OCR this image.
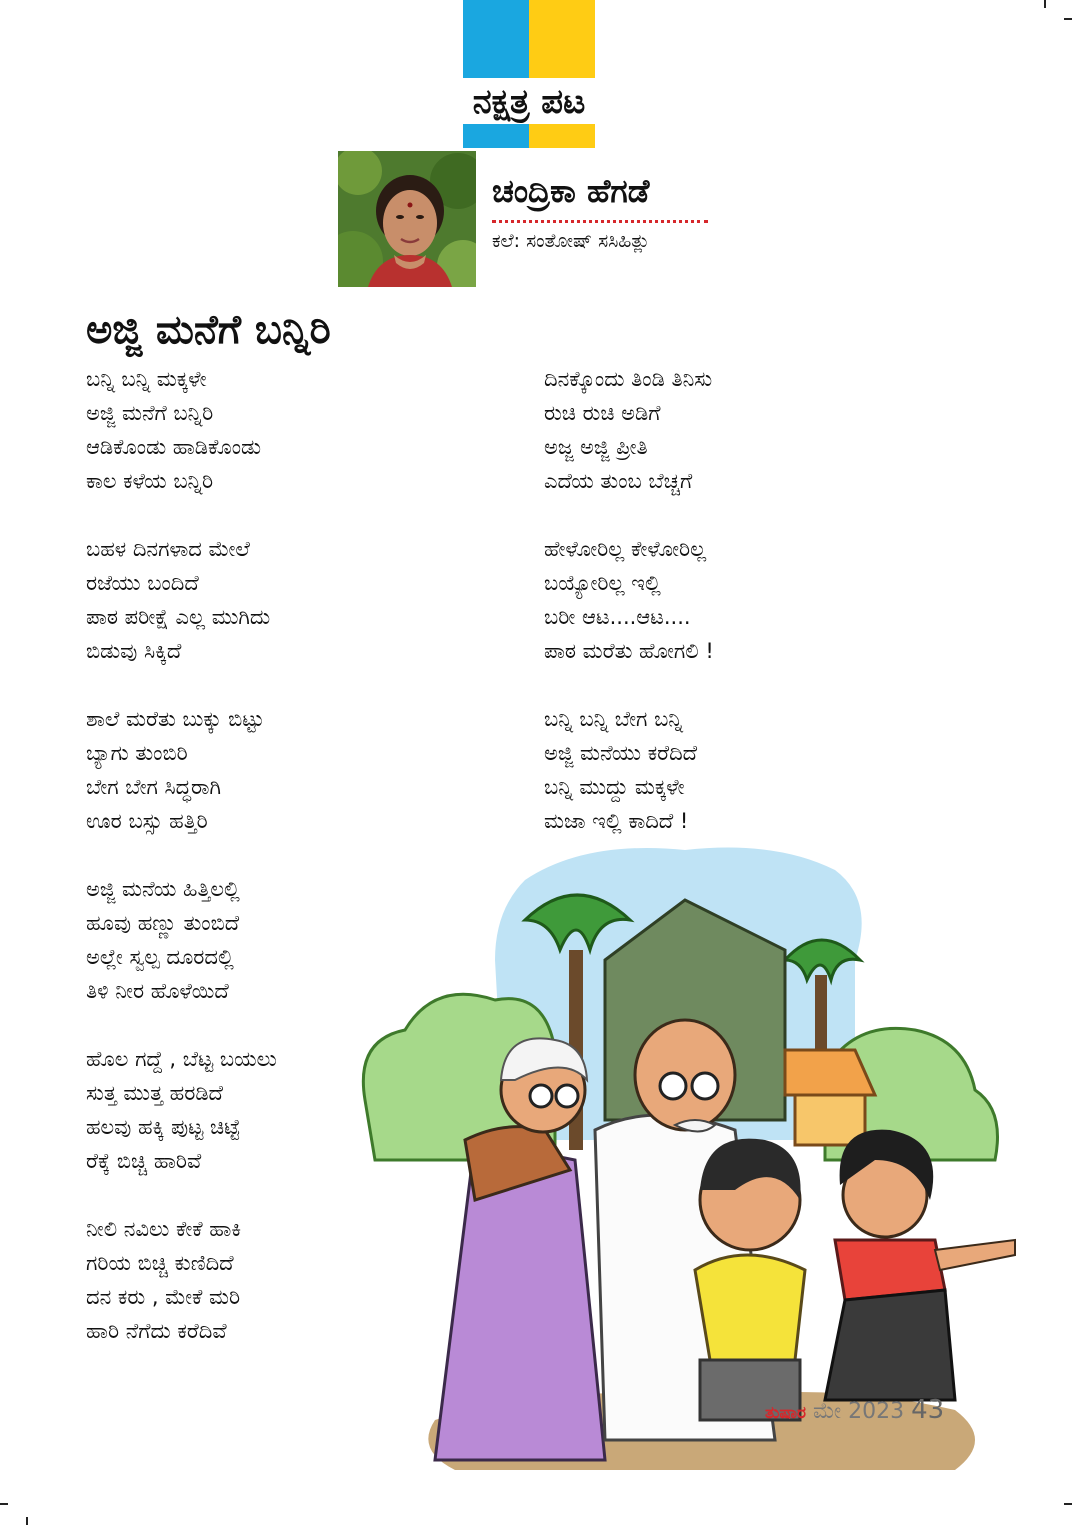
ನಕ್ಷತ್ರ ಪಟ
ಚಂದ್ರಿಕಾ ಹೆಗಡೆ
ಕಲೆ: ಸಂತೋಷ್ ಸಸಿಹಿತ್ಲು
ಅಜ್ಜಿ ಮನೆಗೆ ಬನ್ನಿರಿ
ಬನ್ನಿ ಬನ್ನಿ ಮಕ್ಕಳೇ
ಅಜ್ಜಿ ಮನೆಗೆ ಬನ್ನಿರಿ
ಆಡಿಕೊಂಡು ಹಾಡಿಕೊಂಡು
ಕಾಲ ಕಳೆಯ ಬನ್ನಿರಿ
ಬಹಳ ದಿನಗಳಾದ ಮೇಲೆ
ರಜೆಯು ಬಂದಿದೆ
ಪಾಠ ಪರೀಕ್ಷೆ ಎಲ್ಲ ಮುಗಿದು
ಬಿಡುವು ಸಿಕ್ಕಿದೆ
ಶಾಲೆ ಮರೆತು ಬುಕ್ಕು ಬಿಟ್ಟು
ಬ್ಯಾಗು ತುಂಬಿರಿ
ಬೇಗ ಬೇಗ ಸಿದ್ಧರಾಗಿ
ಊರ ಬಸ್ಸು ಹತ್ತಿರಿ
ಅಜ್ಜಿ ಮನೆಯ ಹಿತ್ತಿಲಲ್ಲಿ
ಹೂವು ಹಣ್ಣು ತುಂಬಿದೆ
ಅಲ್ಲೇ ಸ್ವಲ್ಪ ದೂರದಲ್ಲಿ
ತಿಳಿ ನೀರ ಹೊಳೆಯಿದೆ
ಹೊಲ ಗದ್ದೆ , ಬೆಟ್ಟ ಬಯಲು
ಸುತ್ತ ಮುತ್ತ ಹರಡಿದೆ
ಹಲವು ಹಕ್ಕಿ ಪುಟ್ಟ ಚಿಟ್ಟೆ
ರೆಕ್ಕೆ ಬಿಚ್ಚಿ ಹಾರಿವೆ
ನೀಲಿ ನವಿಲು ಕೇಕೆ ಹಾಕಿ
ಗರಿಯ ಬಿಚ್ಚಿ ಕುಣಿದಿದೆ
ದನ ಕರು , ಮೇಕೆ ಮರಿ
ಹಾರಿ ನೆಗೆದು ಕರೆದಿವೆ
ದಿನಕ್ಕೊಂದು ತಿಂಡಿ ತಿನಿಸು
ರುಚಿ ರುಚಿ ಅಡಿಗೆ
ಅಜ್ಜ ಅಜ್ಜಿ ಪ್ರೀತಿ
ಎದೆಯ ತುಂಬ ಬೆಚ್ಚಗೆ
ಹೇಳೋರಿಲ್ಲ ಕೇಳೋರಿಲ್ಲ
ಬಯ್ಯೋರಿಲ್ಲ ಇಲ್ಲಿ
ಬರೀ ಆಟ....ಆಟ....
ಪಾಠ ಮರೆತು ಹೋಗಲಿ !
ಬನ್ನಿ ಬನ್ನಿ ಬೇಗ ಬನ್ನಿ
ಅಜ್ಜಿ ಮನೆಯು ಕರೆದಿದೆ
ಬನ್ನಿ ಮುದ್ದು ಮಕ್ಕಳೇ
ಮಜಾ ಇಲ್ಲಿ ಕಾದಿದೆ !
ತುಷಾರ ಮೇ 2023 43
